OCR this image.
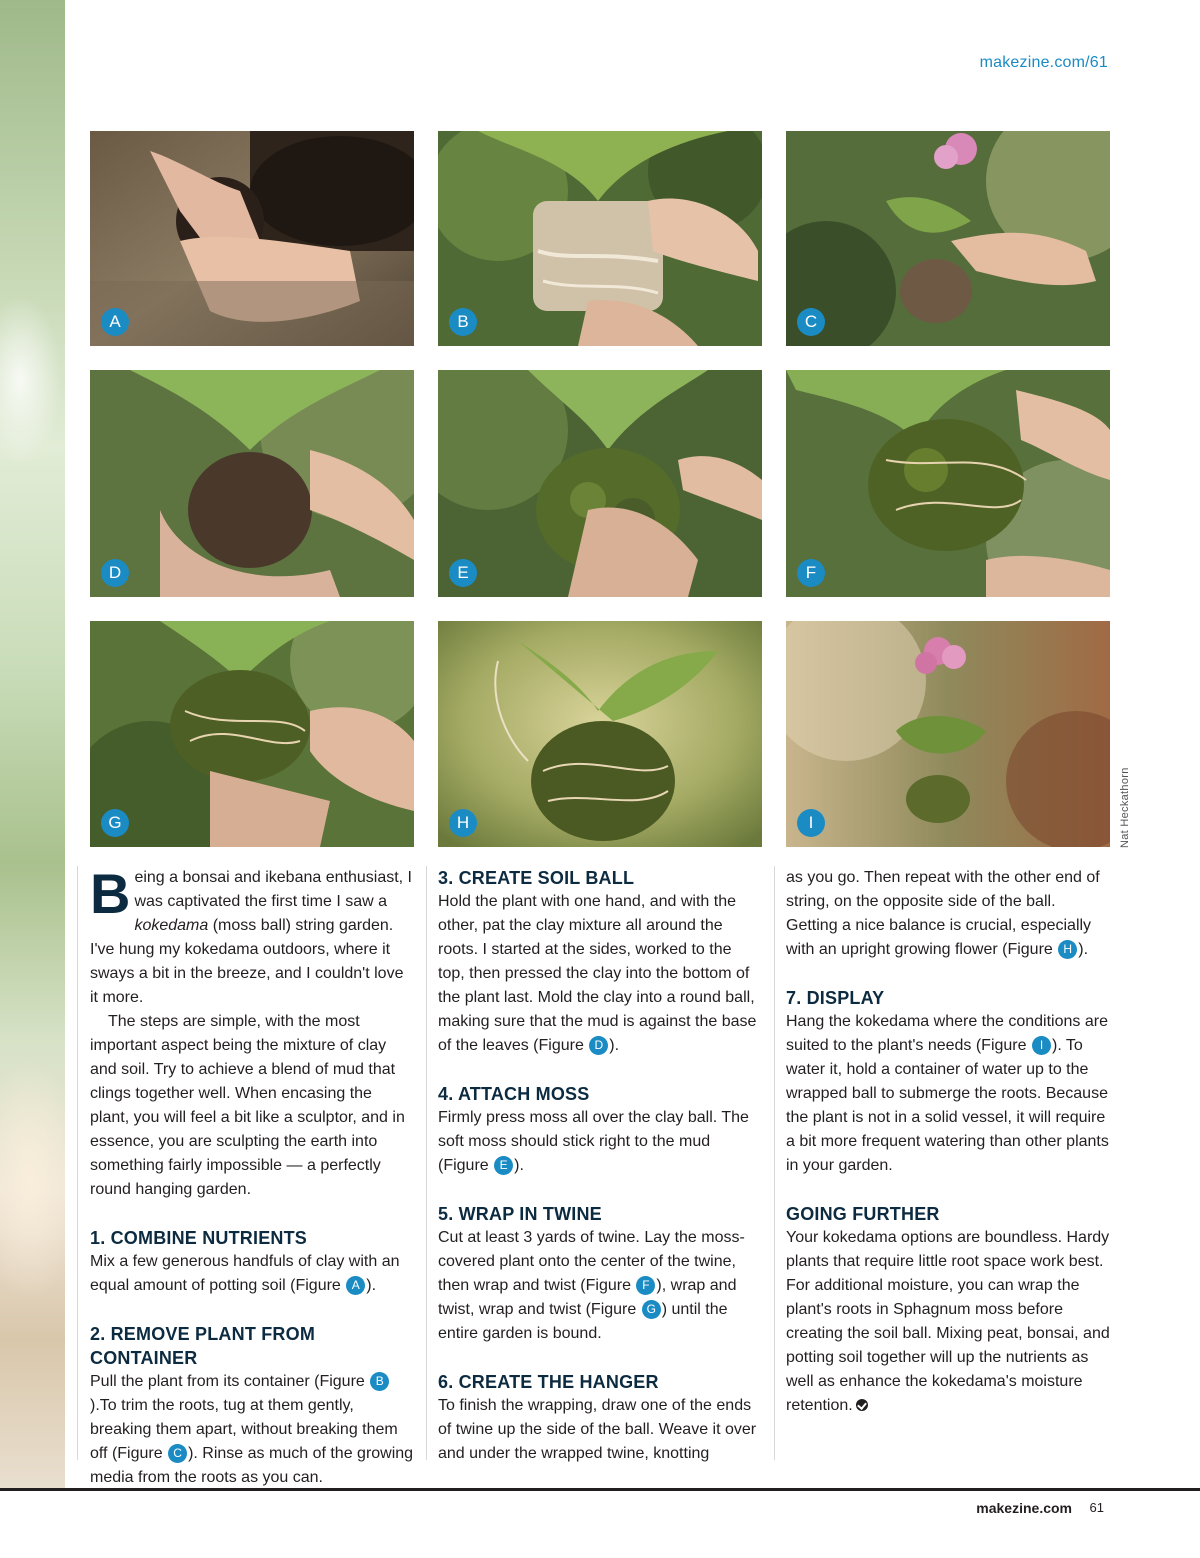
makezine.com/61
A	B	C
D	E	F
G	H	I	Nat Heckathorn

Being a bonsai and ikebana enthusiast, I was captivated the first time I saw a kokedama (moss ball) string garden. I've hung my kokedama outdoors, where it sways a bit in the breeze, and I couldn't love it more.

The steps are simple, with the most important aspect being the mixture of clay and soil. Try to achieve a blend of mud that clings together well. When encasing the plant, you will feel a bit like a sculptor, and in essence, you are sculpting the earth into something fairly impossible — a perfectly round hanging garden.

1. COMBINE NUTRIENTS

Mix a few generous handfuls of clay with an equal amount of potting soil (Figure A ).

2. REMOVE PLANT FROM CONTAINER

Pull the plant from its container (Figure B).To trim the roots, tug at them gently, breaking them apart, without breaking them off (Figure C ). Rinse as much of the growing media from the roots as you can.

3. CREATE SOIL BALL

Hold the plant with one hand, and with the other, pat the clay mixture all around the roots. I started at the sides, worked to the top, then pressed the clay into the bottom of the plant last. Mold the clay into a round ball, making sure that the mud is against the base of the leaves (Figure D ).

4. ATTACH MOSS

Firmly press moss all over the clay ball. The soft moss should stick right to the mud (Figure E ).

5. WRAP IN TWINE

Cut at least 3 yards of twine. Lay the moss-covered plant onto the center of the twine, then wrap and twist (Figure F ), wrap and twist, wrap and twist (Figure G ) until the entire garden is bound.

6. CREATE THE HANGER

To finish the wrapping, draw one of the ends of twine up the side of the ball. Weave it over and under the wrapped twine, knotting

as you go. Then repeat with the other end of string, on the opposite side of the ball. Getting a nice balance is crucial, especially with an upright growing flower (Figure H ).

7. DISPLAY

Hang the kokedama where the conditions are suited to the plant's needs (Figure I ). To water it, hold a container of water up to the wrapped ball to submerge the roots. Because the plant is not in a solid vessel, it will require a bit more frequent watering than other plants in your garden.

GOING FURTHER

Your kokedama options are boundless. Hardy plants that require little root space work best. For additional moisture, you can wrap the plant's roots in Sphagnum moss before creating the soil ball. Mixing peat, bonsai, and potting soil together will up the nutrients as well as enhance the kokedama's moisture retention.

makezine.com 61
